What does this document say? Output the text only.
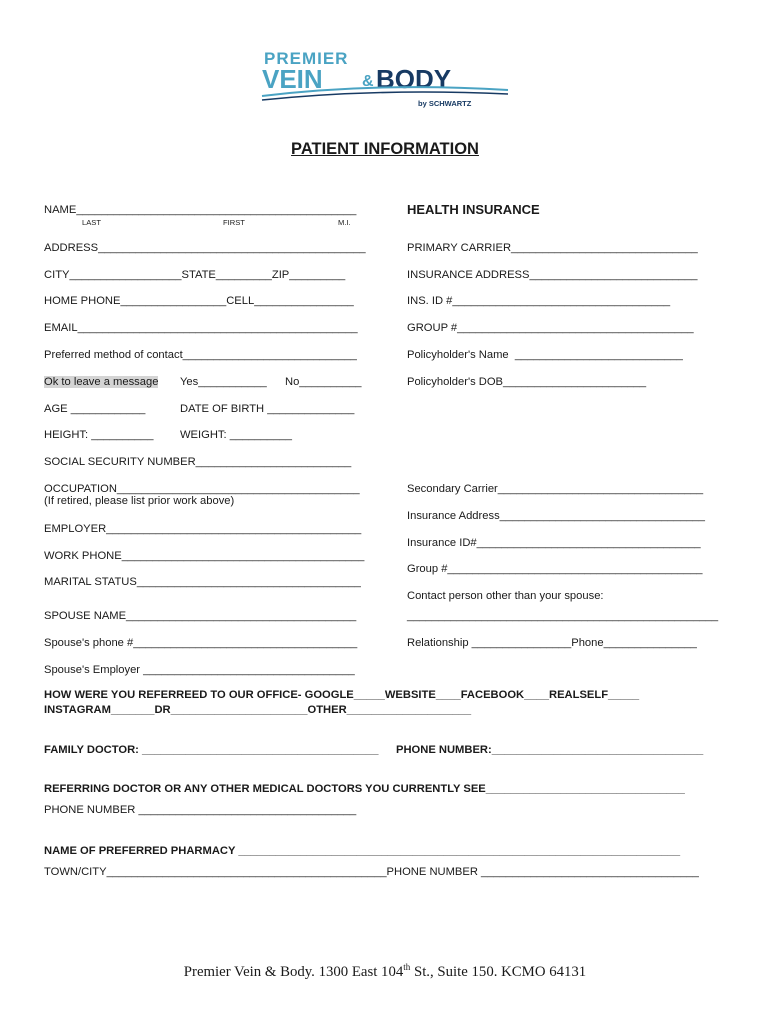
PREMIER
VEIN & BODY
by SCHWARTZ
PATIENT INFORMATION
NAME_____________________________________________
LAST	FIRST	M.I.
ADDRESS___________________________________________
CITY__________________STATE_________ZIP_________
HOME PHONE_________________CELL________________
EMAIL_____________________________________________
Preferred method of contact____________________________
Ok to leave a message Yes___________ No__________
AGE ____________	DATE OF BIRTH ______________
HEIGHT: __________ WEIGHT: __________
SOCIAL SECURITY NUMBER_________________________
OCCUPATION_______________________________________
(If retired, please list prior work above)
EMPLOYER_________________________________________
WORK PHONE_______________________________________
MARITAL STATUS____________________________________
SPOUSE NAME_____________________________________
Spouse's phone #____________________________________
Spouse's Employer __________________________________
HEALTH INSURANCE
PRIMARY CARRIER______________________________
INSURANCE ADDRESS___________________________
INS. ID #___________________________________
GROUP #______________________________________
Policyholder's Name  ___________________________
Policyholder's DOB_______________________
Secondary Carrier_________________________________
Insurance Address_________________________________
Insurance ID#____________________________________
Group #_________________________________________
Contact person other than your spouse:
__________________________________________________
Relationship ________________Phone_______________
HOW WERE YOU REFERREED TO OUR OFFICE- GOOGLE_____WEBSITE____FACEBOOK____REALSELF_____
INSTAGRAM_______DR______________________OTHER____________________
FAMILY DOCTOR: ______________________________________ PHONE NUMBER:__________________________________
REFERRING DOCTOR OR ANY OTHER MEDICAL DOCTORS YOU CURRENTLY SEE________________________________
PHONE NUMBER ___________________________________
NAME OF PREFERRED PHARMACY _______________________________________________________________________
TOWN/CITY_____________________________________________PHONE NUMBER ___________________________________
Premier Vein & Body. 1300 East 104th St., Suite 150. KCMO 64131
